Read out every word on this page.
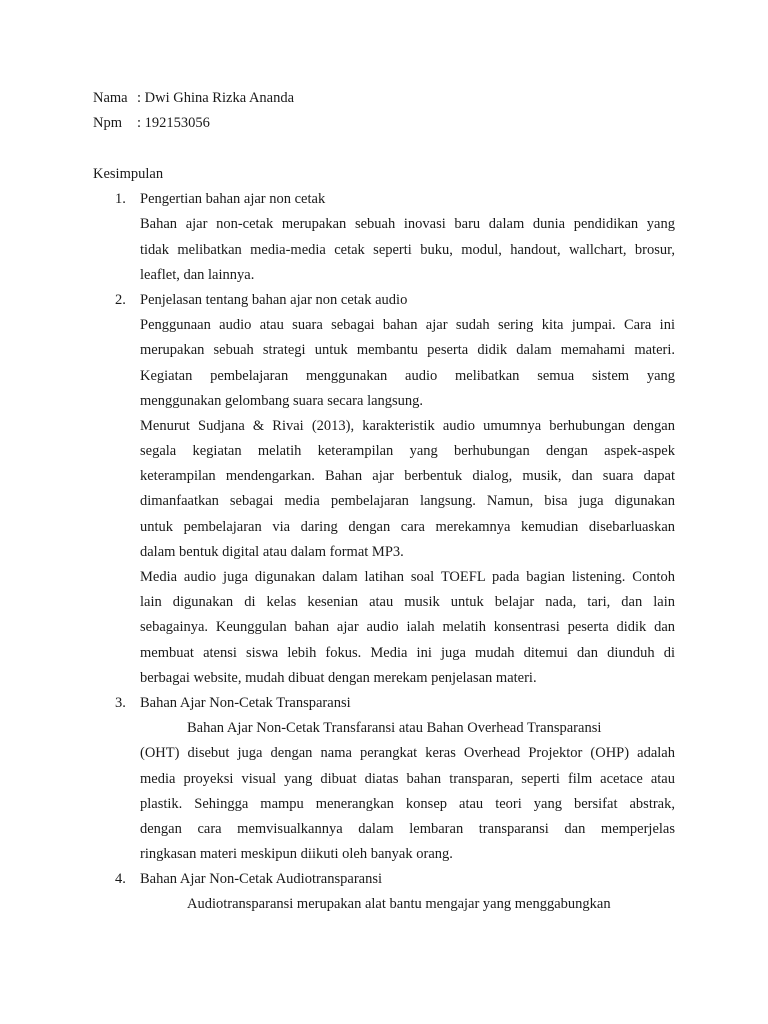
Nama : Dwi Ghina Rizka Ananda
Npm : 192153056
Kesimpulan
1. Pengertian bahan ajar non cetak
Bahan ajar non-cetak merupakan sebuah inovasi baru dalam dunia pendidikan yang
tidak melibatkan media-media cetak seperti buku, modul, handout, wallchart, brosur,
leaflet, dan lainnya.
2. Penjelasan tentang bahan ajar non cetak audio
Penggunaan audio atau suara sebagai bahan ajar sudah sering kita jumpai. Cara ini
merupakan sebuah strategi untuk membantu peserta didik dalam memahami materi.
Kegiatan pembelajaran menggunakan audio melibatkan semua sistem yang
menggunakan gelombang suara secara langsung.
Menurut Sudjana & Rivai (2013), karakteristik audio umumnya berhubungan dengan
segala kegiatan melatih keterampilan yang berhubungan dengan aspek-aspek
keterampilan mendengarkan. Bahan ajar berbentuk dialog, musik, dan suara dapat
dimanfaatkan sebagai media pembelajaran langsung. Namun, bisa juga digunakan
untuk pembelajaran via daring dengan cara merekamnya kemudian disebarluaskan
dalam bentuk digital atau dalam format MP3.
Media audio juga digunakan dalam latihan soal TOEFL pada bagian listening. Contoh
lain digunakan di kelas kesenian atau musik untuk belajar nada, tari, dan lain
sebagainya. Keunggulan bahan ajar audio ialah melatih konsentrasi peserta didik dan
membuat atensi siswa lebih fokus. Media ini juga mudah ditemui dan diunduh di
berbagai website, mudah dibuat dengan merekam penjelasan materi.
3. Bahan Ajar Non-Cetak Transparansi
Bahan Ajar Non-Cetak Transfaransi atau Bahan Overhead Transparansi
(OHT) disebut juga dengan nama perangkat keras Overhead Projektor (OHP) adalah
media proyeksi visual yang dibuat diatas bahan transparan, seperti film acetace atau
plastik. Sehingga mampu menerangkan konsep atau teori yang bersifat abstrak,
dengan cara memvisualkannya dalam lembaran transparansi dan memperjelas
ringkasan materi meskipun diikuti oleh banyak orang.
4. Bahan Ajar Non-Cetak Audiotransparansi
Audiotransparansi merupakan alat bantu mengajar yang menggabungkan
